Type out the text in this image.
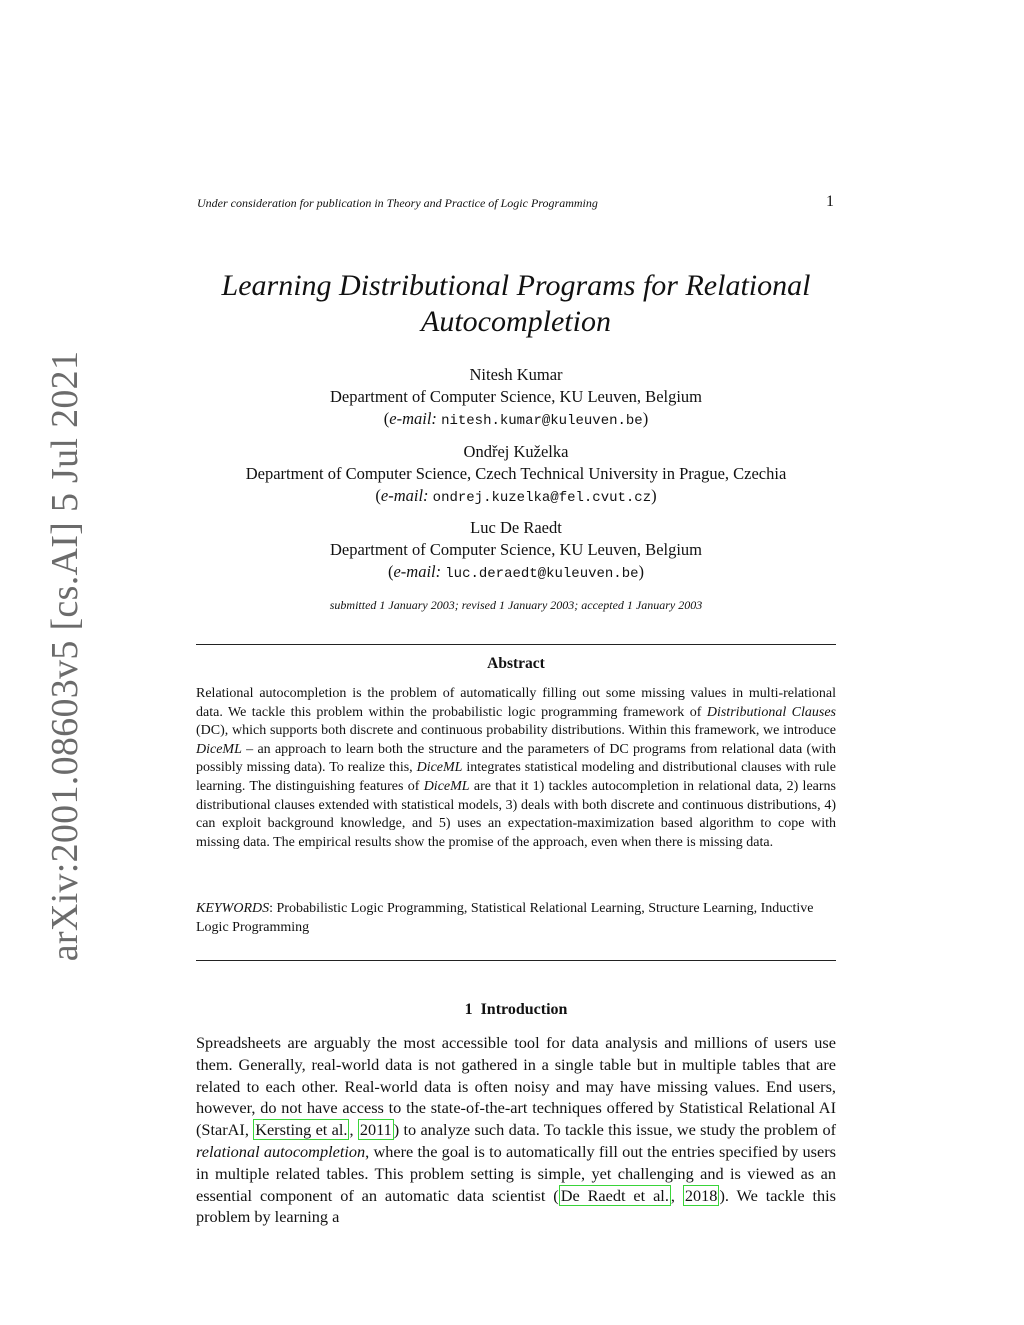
arXiv:2001.08603v5 [cs.AI] 5 Jul 2021
Under consideration for publication in Theory and Practice of Logic Programming	1
Learning Distributional Programs for Relational
Autocompletion
Nitesh Kumar
Department of Computer Science, KU Leuven, Belgium
(e-mail: nitesh.kumar@kuleuven.be)
Ondřej Kuželka
Department of Computer Science, Czech Technical University in Prague, Czechia
(e-mail: ondrej.kuzelka@fel.cvut.cz)
Luc De Raedt
Department of Computer Science, KU Leuven, Belgium
(e-mail: luc.deraedt@kuleuven.be)
submitted 1 January 2003; revised 1 January 2003; accepted 1 January 2003
Abstract
Relational autocompletion is the problem of automatically filling out some missing values in multi-relational data. We tackle this problem within the probabilistic logic programming framework of Distributional Clauses (DC), which supports both discrete and continuous probability distributions. Within this framework, we introduce DiceML – an approach to learn both the structure and the parameters of DC programs from relational data (with possibly missing data). To realize this, DiceML integrates statistical modeling and distributional clauses with rule learning. The distinguishing features of DiceML are that it 1) tackles autocompletion in relational data, 2) learns distributional clauses extended with statistical models, 3) deals with both discrete and continuous distributions, 4) can exploit background knowledge, and 5) uses an expectation-maximization based algorithm to cope with missing data. The empirical results show the promise of the approach, even when there is missing data.
KEYWORDS: Probabilistic Logic Programming, Statistical Relational Learning, Structure Learning, Inductive Logic Programming
1 Introduction
Spreadsheets are arguably the most accessible tool for data analysis and millions of users use them. Generally, real-world data is not gathered in a single table but in multiple tables that are related to each other. Real-world data is often noisy and may have missing values. End users, however, do not have access to the state-of-the-art techniques offered by Statistical Relational AI (StarAI, Kersting et al. , 2011 ) to analyze such data. To tackle this issue, we study the problem of relational autocompletion, where the goal is to automatically fill out the entries specified by users in multiple related tables. This problem setting is simple, yet challenging and is viewed as an essential component of an automatic data scientist ( De Raedt et al. , 2018 ). We tackle this problem by learning a
